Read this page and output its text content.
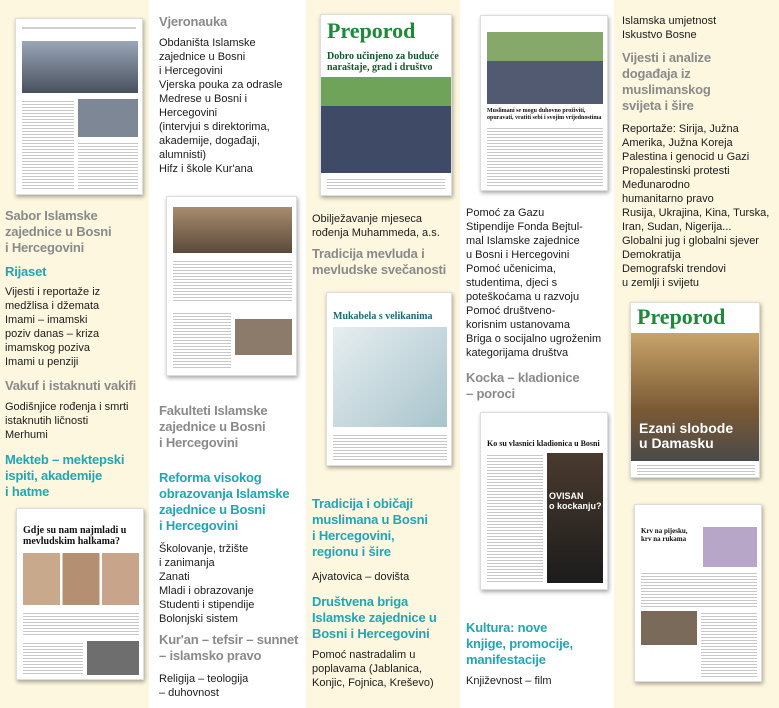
Sabor Islamske
zajednice u Bosni
i Hercegovini
Rijaset
Vijesti i reportaže iz
medžlisa i džemata
Imami – imamski
poziv danas – kriza
imamskog poziva
Imami u penziji
Vakuf i istaknuti vakifi
Godišnjice rođenja i smrti
istaknutih ličnosti
Merhumi
Mekteb – mektepski
ispiti, akademije
i hatme
Gdje su nam najmladi u
mevludskim halkama?
Vjeronauka
Obdaništa Islamske
zajednice u Bosni
i Hercegovini
Vjerska pouka za odrasle
Medrese u Bosni i
Hercegovini
(intervjui s direktorima,
akademije, događaji,
alumnisti)
Hifz i škole Kur'ana
Fakulteti Islamske
zajednice u Bosni
i Hercegovini
Reforma visokog
obrazovanja Islamske
zajednice u Bosni
i Hercegovini
Školovanje, tržište
i zanimanja
Zanati
Mladi i obrazovanje
Studenti i stipendije
Bolonjski sistem
Kur'an – tefsir – sunnet
– islamsko pravo
Religija – teologija
– duhovnost
Preporod
Dobro učinjeno za buduće
naraštaje, grad i društvo
Obilježavanje mjeseca
rođenja Muhammeda, a.s.
Tradicija mevluda i
mevludske svečanosti
Mukabela s velikanima
Tradicija i običaji
muslimana u Bosni
i Hercegovini,
regionu i šire
Ajvatovica – dovišta
Društvena briga
Islamske zajednice u
Bosni i Hercegovini
Pomoć nastradalim u
poplavama (Jablanica,
Konjic, Fojnica, Kreševo)
Muslimani se mogu duhovno proživiti,
opuravati, vratiti sebi i svojim vrijednostima
Pomoć za Gazu
Stipendije Fonda Bejtul-
mal Islamske zajednice
u Bosni i Hercegovini
Pomoć učenicima,
studentima, djeci s
poteškoćama u razvoju
Pomoć društveno-
korisnim ustanovama
Briga o socijalno ugroženim
kategorijama društva
Kocka – kladionice
– poroci
Ko su vlasnici kladionica u Bosni
OVISAN
o kockanju?
Kultura: nove
knjige, promocije,
manifestacije
Književnost – film
Islamska umjetnost
Iskustvo Bosne
Vijesti i analize
događaja iz
muslimanskog
svijeta i šire
Reportaže: Sirija, Južna
Amerika, Južna Koreja
Palestina i genocid u Gazi
Propalestinski protesti
Međunarodno
humanitarno pravo
Rusija, Ukrajina, Kina, Turska,
Iran, Sudan, Nigerija...
Globalni jug i globalni sjever
Demokratija
Demografski trendovi
u zemlji i svijetu
Preporod
Ezani slobode
u Damasku
Krv na pijesku,
krv na rukama
